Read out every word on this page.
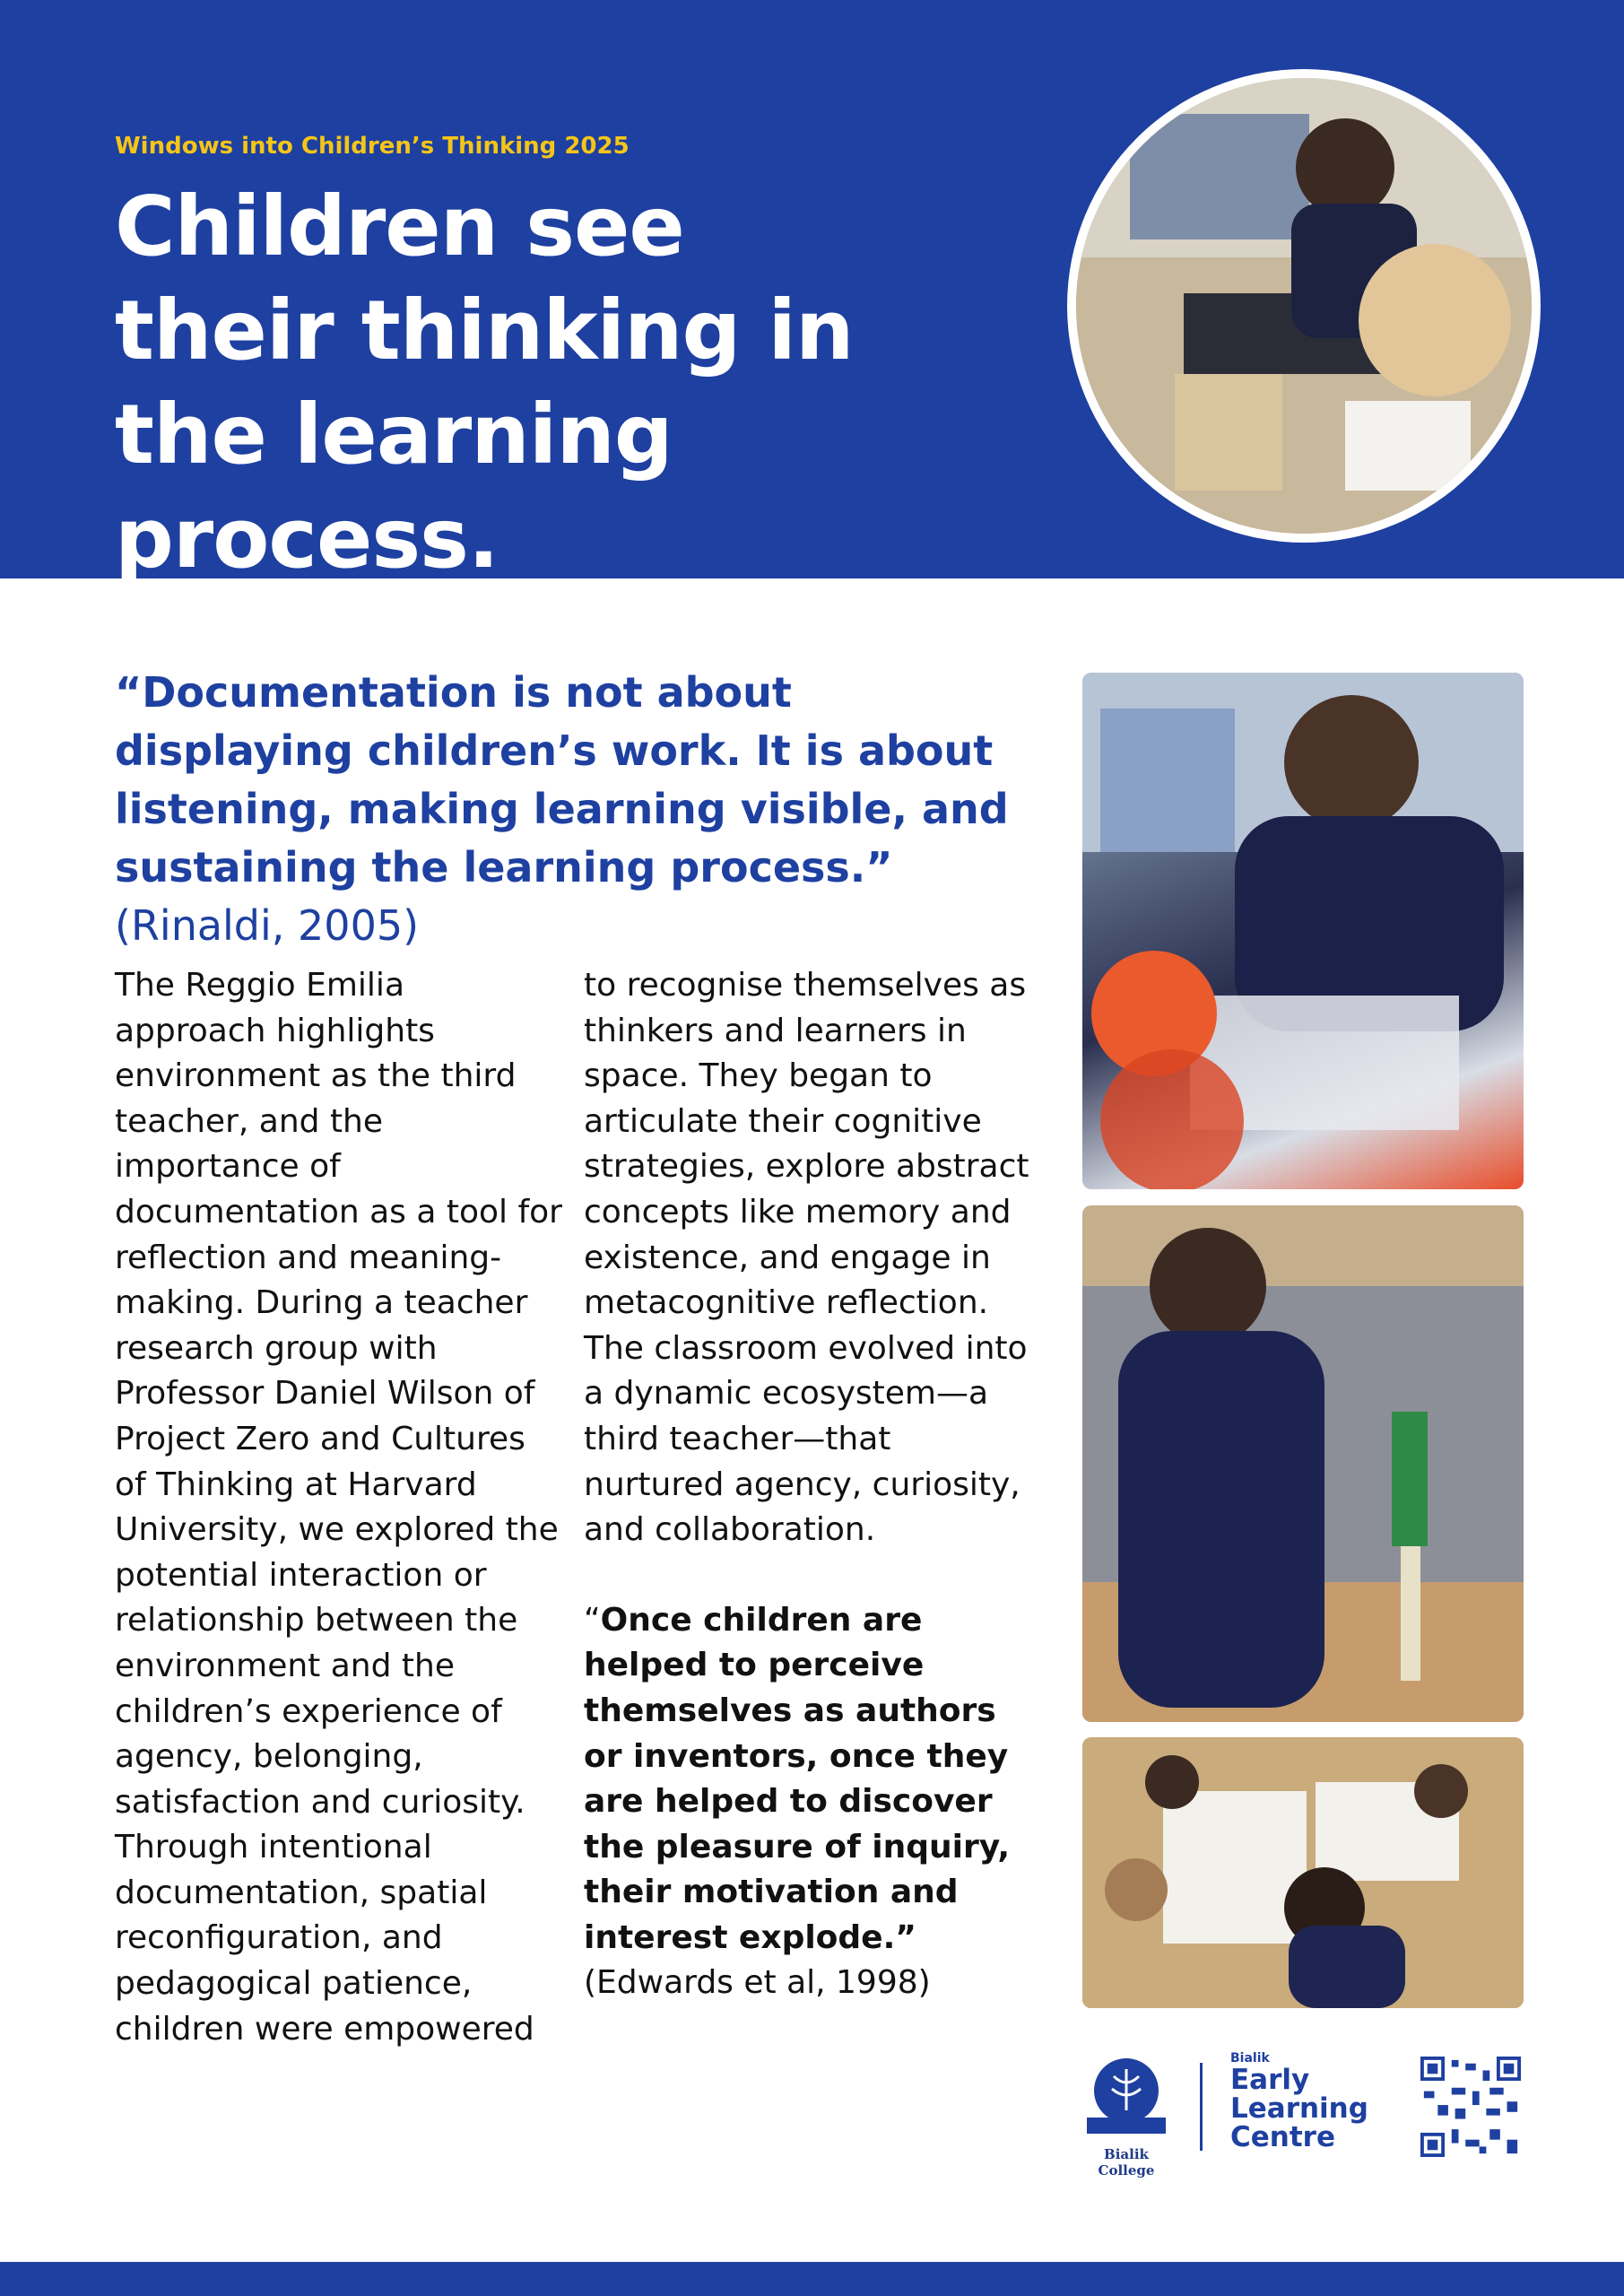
Windows into Children’s Thinking 2025
Children see their thinking in the learning process.
“Documentation is not about displaying children’s work. It is about listening, making learning visible, and sustaining the learning process.” (Rinaldi, 2005)

The Reggio Emilia approach highlights environment as the third teacher, and the importance of documentation as a tool for reflection and meaning-making. During a teacher research group with Professor Daniel Wilson of Project Zero and Cultures of Thinking at Harvard University, we explored the potential interaction or relationship between the environment and the children’s experience of agency, belonging, satisfaction and curiosity. Through intentional documentation, spatial reconfiguration, and pedagogical patience, children were empowered

to recognise themselves as thinkers and learners in space. They began to articulate their cognitive strategies, explore abstract concepts like memory and existence, and engage in metacognitive reflection. The classroom evolved into a dynamic ecosystem—a third teacher—that nurtured agency, curiosity, and collaboration.

“Once children are helped to perceive themselves as authors or inventors, once they are helped to discover the pleasure of inquiry, their motivation and interest explode.”
(Edwards et al, 1998)

Bialik College
Bialik
Early
Learning
Centre
